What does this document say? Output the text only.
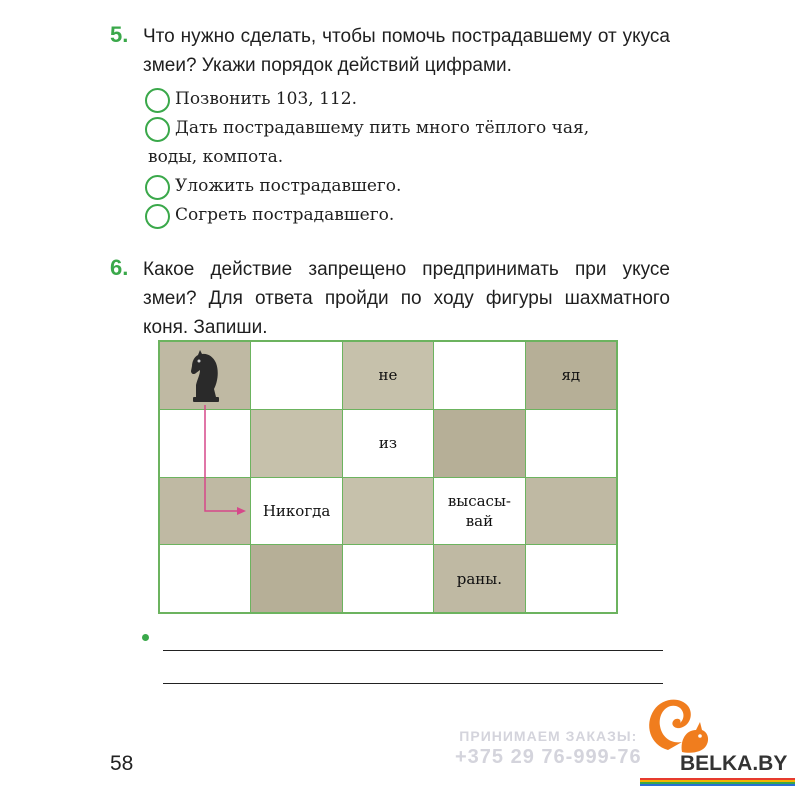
5. Что нужно сделать, чтобы помочь пострадавшему от укуса змеи? Укажи порядок действий цифрами.
Позвонить 103, 112.
Дать пострадавшему пить много тёплого чая,
воды, компота.
Уложить пострадавшего.
Согреть пострадавшего.
6. Какое действие запрещено предпринимать при укусе змеи? Для ответа пройди по ходу фигуры шахматного коня. Запиши.
не	яд
из
Никогда
высасы-
вай
раны.
58
ПРИНИМАЕМ ЗАКАЗЫ:
+375 29 76-999-76 BELKA.BY
